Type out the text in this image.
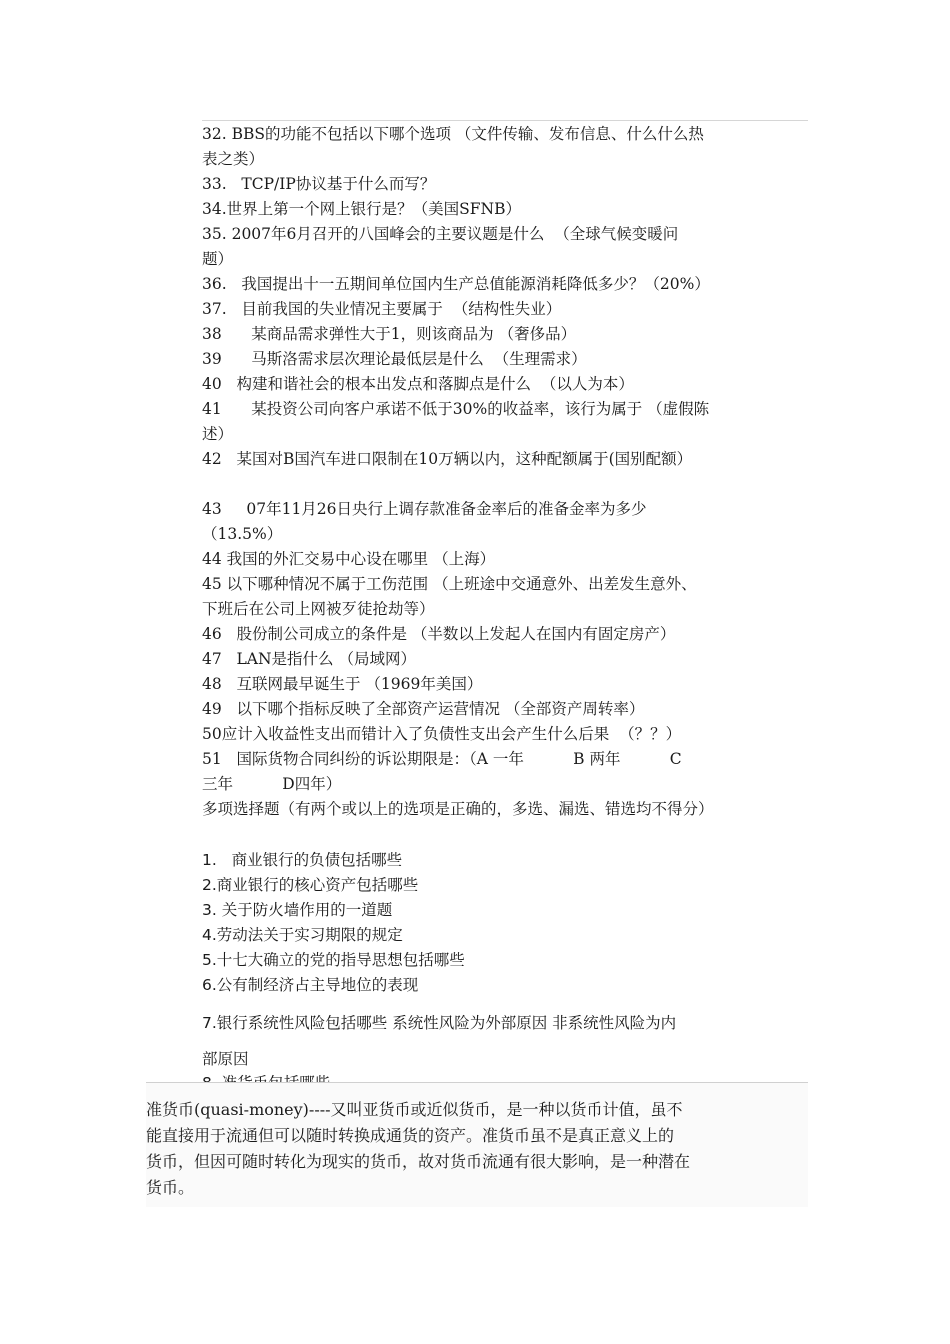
32. BBS的功能不包括以下哪个选项 （文件传输、发布信息、什么什么热
表之类）
33.   TCP/IP协议基于什么而写？
34.世界上第一个网上银行是？（美国SFNB）
35. 2007年6月召开的八国峰会的主要议题是什么  （全球气候变暖问
题）
36.   我国提出十一五期间单位国内生产总值能源消耗降低多少？（20%）
37.   目前我国的失业情况主要属于  （结构性失业）
38      某商品需求弹性大于1，则该商品为 （奢侈品）
39      马斯洛需求层次理论最低层是什么  （生理需求）
40   构建和谐社会的根本出发点和落脚点是什么  （以人为本）
41      某投资公司向客户承诺不低于30%的收益率，该行为属于 （虚假陈
述）
42   某国对B国汽车进口限制在10万辆以内，这种配额属于(国别配额）
43     07年11月26日央行上调存款准备金率后的准备金率为多少
（13.5%）
44 我国的外汇交易中心设在哪里 （上海）
45 以下哪种情况不属于工伤范围 （上班途中交通意外、出差发生意外、
下班后在公司上网被歹徒抢劫等）
46   股份制公司成立的条件是 （半数以上发起人在国内有固定房产）
47   LAN是指什么 （局域网）
48   互联网最早诞生于 （1969年美国）
49   以下哪个指标反映了全部资产运营情况 （全部资产周转率）
50应计入收益性支出而错计入了负债性支出会产生什么后果  （？？）
51   国际货物合同纠纷的诉讼期限是：（A 一年          B 两年          C
三年          D四年）
多项选择题（有两个或以上的选项是正确的，多选、漏选、错选均不得分）
1.   商业银行的负债包括哪些
2.商业银行的核心资产包括哪些
3. 关于防火墙作用的一道题
4.劳动法关于实习期限的规定
5.十七大确立的党的指导思想包括哪些
6.公有制经济占主导地位的表现
7.银行系统性风险包括哪些 系统性风险为外部原因 非系统性风险为内
部原因
准货币(quasi-money)----又叫亚货币或近似货币，是一种以货币计值，虽不
能直接用于流通但可以随时转换成通货的资产。准货币虽不是真正意义上的
货币，但因可随时转化为现实的货币，故对货币流通有很大影响，是一种潜在
货币。
